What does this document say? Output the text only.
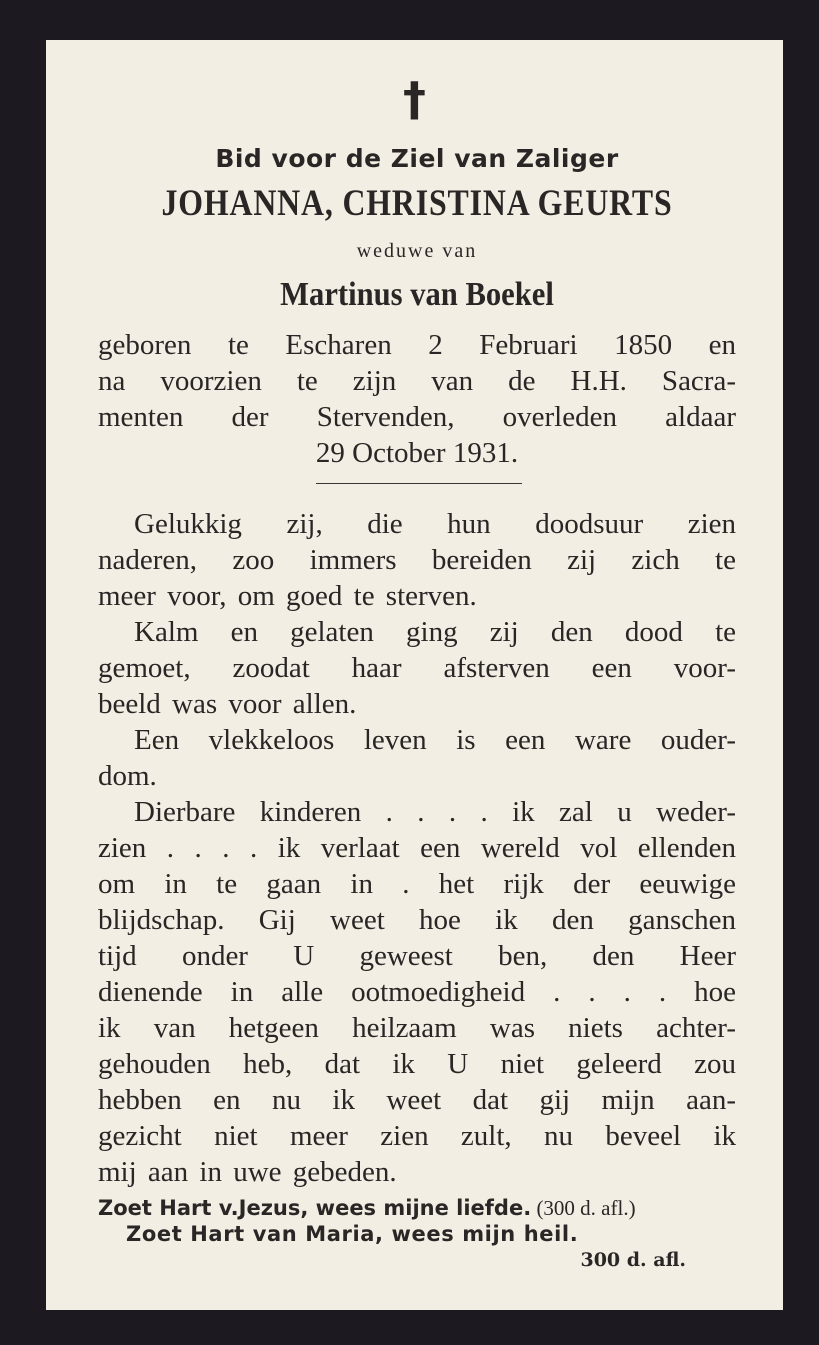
†
Bid voor de Ziel van Zaliger
JOHANNA, CHRISTINA GEURTS
weduwe van
Martinus van Boekel
geboren te Escharen 2 Februari 1850 en
na voorzien te zijn van de H.H. Sacra-
menten der Stervenden, overleden aldaar
29 October 1931.
Gelukkig zij, die hun doodsuur zien
naderen, zoo immers bereiden zij zich te
meer voor, om goed te sterven.
Kalm en gelaten ging zij den dood te
gemoet, zoodat haar afsterven een voor-
beeld was voor allen.
Een vlekkeloos leven is een ware ouder-
dom.
Dierbare kinderen . . . . ik zal u weder-
zien . . . . ik verlaat een wereld vol ellenden
om in te gaan in . het rijk der eeuwige
blijdschap. Gij weet hoe ik den ganschen
tijd onder U geweest ben, den Heer
dienende in alle ootmoedigheid . . . . hoe
ik van hetgeen heilzaam was niets achter-
gehouden heb, dat ik U niet geleerd zou
hebben en nu ik weet dat gij mijn aan-
gezicht niet meer zien zult, nu beveel ik
mij aan in uwe gebeden.
Zoet Hart v.Jezus, wees mijne liefde. (300 d. afl.)
Zoet Hart van Maria, wees mijn heil.
300 d. afl.
